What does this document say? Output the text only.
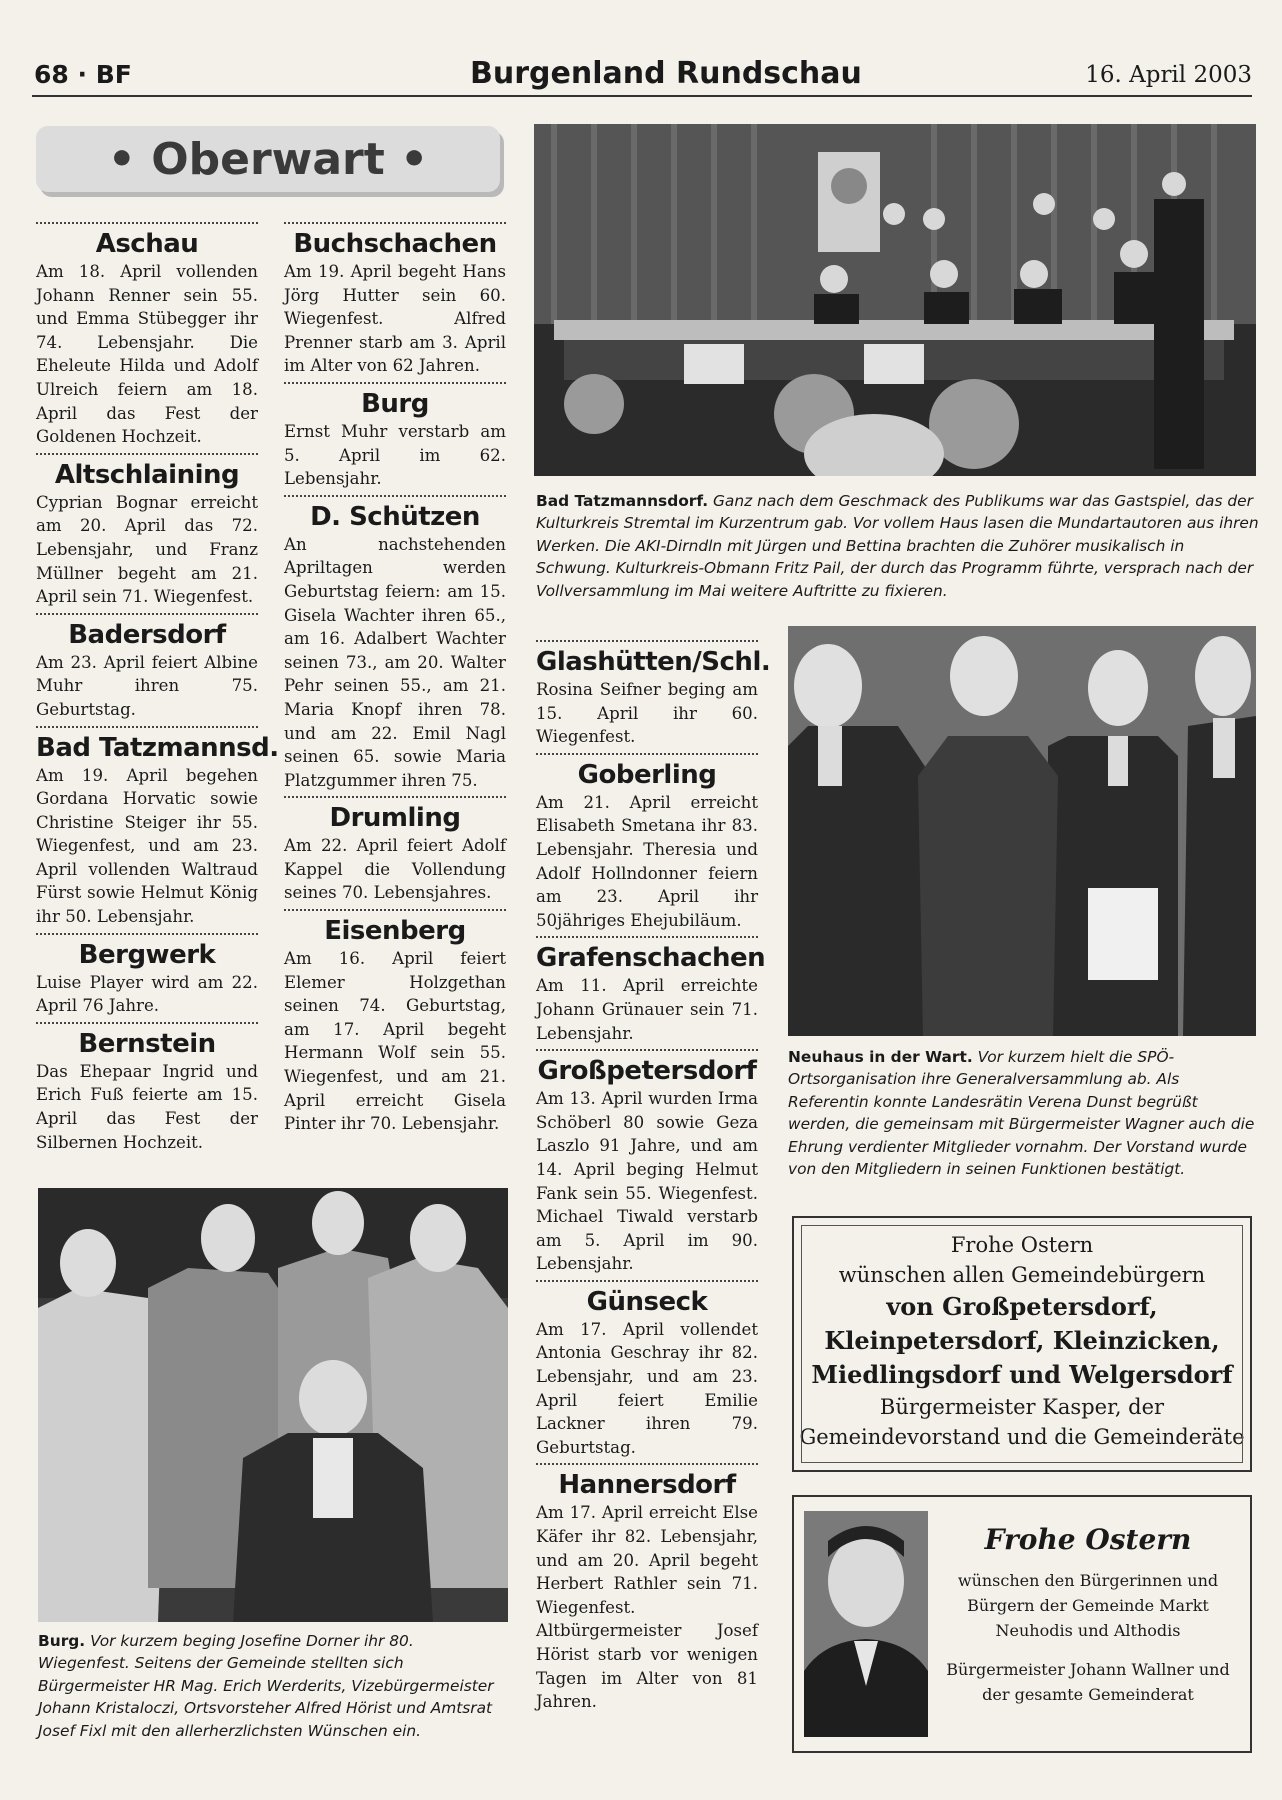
68 · BF	Burgenland Rundschau	16. April 2003
• Oberwart •
Aschau

Am 18. April vollenden Johann Renner sein 55. und Emma Stübegger ihr 74. Lebensjahr. Die Eheleute Hilda und Adolf Ulreich feiern am 18. April das Fest der Goldenen Hochzeit.

Altschlaining

Cyprian Bognar erreicht am 20. April das 72. Lebensjahr, und Franz Müllner begeht am 21. April sein 71. Wiegenfest.

Badersdorf

Am 23. April feiert Albine Muhr ihren 75. Geburtstag.

Bad Tatzmannsd.

Am 19. April begehen Gordana Horvatic sowie Christine Steiger ihr 55. Wiegenfest, und am 23. April vollenden Waltraud Fürst sowie Helmut König ihr 50. Lebensjahr.

Bergwerk

Luise Player wird am 22. April 76 Jahre.

Bernstein

Das Ehepaar Ingrid und Erich Fuß feierte am 15. April das Fest der Silbernen Hochzeit.

Buchschachen

Am 19. April begeht Hans Jörg Hutter sein 60. Wiegenfest. Alfred Prenner starb am 3. April im Alter von 62 Jahren.

Burg

Ernst Muhr verstarb am 5. April im 62. Lebensjahr.

D. Schützen

An nachstehenden Apriltagen werden Geburtstag feiern: am 15. Gisela Wachter ihren 65., am 16. Adalbert Wachter seinen 73., am 20. Walter Pehr seinen 55., am 21. Maria Knopf ihren 78. und am 22. Emil Nagl seinen 65. sowie Maria Platzgummer ihren 75.

Drumling

Am 22. April feiert Adolf Kappel die Vollendung seines 70. Lebensjahres.

Eisenberg

Am 16. April feiert Elemer Holzgethan seinen 74. Geburtstag, am 17. April begeht Hermann Wolf sein 55. Wiegenfest, und am 21. April erreicht Gisela Pinter ihr 70. Lebensjahr.

Glashütten/Schl.

Rosina Seifner beging am 15. April ihr 60. Wiegenfest.

Goberling

Am 21. April erreicht Elisabeth Smetana ihr 83. Lebensjahr. Theresia und Adolf Hollndonner feiern am 23. April ihr 50jähriges Ehejubiläum.

Grafenschachen

Am 11. April erreichte Johann Grünauer sein 71. Lebensjahr.

Großpetersdorf

Am 13. April wurden Irma Schöberl 80 sowie Geza Laszlo 91 Jahre, und am 14. April beging Helmut Fank sein 55. Wiegenfest. Michael Tiwald verstarb am 5. April im 90. Lebensjahr.

Günseck

Am 17. April vollendet Antonia Geschray ihr 82. Lebensjahr, und am 23. April feiert Emilie Lackner ihren 79. Geburtstag.

Hannersdorf

Am 17. April erreicht Else Käfer ihr 82. Lebensjahr, und am 20. April begeht Herbert Rathler sein 71. Wiegenfest. Altbürgermeister Josef Hörist starb vor wenigen Tagen im Alter von 81 Jahren.

Bad Tatzmannsdorf. Ganz nach dem Geschmack des Publikums war das Gastspiel, das der Kulturkreis Stremtal im Kurzentrum gab. Vor vollem Haus lasen die Mundartautoren aus ihren Werken. Die AKI-Dirndln mit Jürgen und Bettina brachten die Zuhörer musikalisch in Schwung. Kulturkreis-Obmann Fritz Pail, der durch das Programm führte, versprach nach der Vollversammlung im Mai weitere Auftritte zu fixieren.
Neuhaus in der Wart. Vor kurzem hielt die SPÖ-Ortsorganisation ihre Generalversammlung ab. Als Referentin konnte Landesrätin Verena Dunst begrüßt werden, die gemeinsam mit Bürgermeister Wagner auch die Ehrung verdienter Mitglieder vornahm. Der Vorstand wurde von den Mitgliedern in seinen Funktionen bestätigt.
Burg. Vor kurzem beging Josefine Dorner ihr 80. Wiegenfest. Seitens der Gemeinde stellten sich Bürgermeister HR Mag. Erich Werderits, Vizebürgermeister Johann Kristaloczi, Ortsvorsteher Alfred Hörist und Amtsrat Josef Fixl mit den allerherzlichsten Wünschen ein.
Frohe Ostern
wünschen allen Gemeindebürgern
von Großpetersdorf, Kleinpetersdorf, Kleinzicken, Miedlingsdorf und Welgersdorf
Bürgermeister Kasper, der Gemeindevorstand und die Gemeinderäte
Frohe Ostern
wünschen den Bürgerinnen und Bürgern der Gemeinde Markt Neuhodis und Althodis
Bürgermeister Johann Wallner und der gesamte Gemeinderat
